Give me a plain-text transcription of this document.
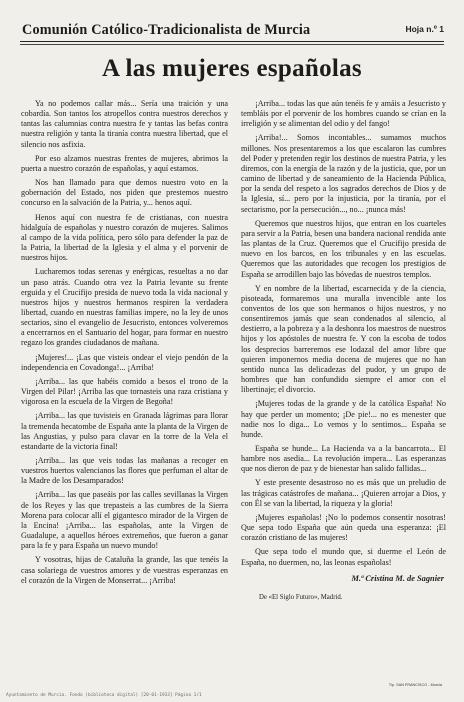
Comunión Católico-Tradicionalista de Murcia	Hoja n.º 1
A las mujeres españolas

Ya no podemos callar más... Sería una traición y una cobardía. Son tantos los atropellos contra nuestros derechos y tantas las calumnias contra nuestra fe y tantas las befas contra nuestra religión y tanta la tiranía contra nuestra libertad, que el silencio nos asfixia.

Por eso alzamos nuestras frentes de mujeres, abrimos la puerta a nuestro corazón de españolas, y aquí estamos.

Nos han llamado para que demos nuestro voto en la gobernación del Estado, nos piden que prestemos nuestro concurso en la salvación de la Patria, y... henos aquí.

Henos aquí con nuestra fe de cristianas, con nuestra hidalguía de españolas y nuestro corazón de mujeres. Salimos al campo de la vida política, pero sólo para defender la paz de la Patria, la libertad de la Iglesia y el alma y el porvenir de nuestros hijos.

Lucharemos todas serenas y enérgicas, resueltas a no dar un paso atrás. Cuando otra vez la Patria levante su frente erguida y el Crucifijo presida de nuevo toda la vida nacional y nuestros hijos y nuestros hermanos respiren la verdadera libertad, cuando en nuestras familias impere, no la ley de unos sectarios, sino el evangelio de Jesucristo, entonces volveremos a encerrarnos en el Santuario del hogar, para formar en nuestro regazo los grandes ciudadanos de mañana.

¡Mujeres!... ¡Las que visteis ondear el viejo pendón de la independencia en Covadonga!... ¡Arriba!

¡Arriba... las que habéis comido a besos el trono de la Virgen del Pilar! ¡Arriba las que tornasteis una raza cristiana y vigorosa en la escuela de la Virgen de Begoña!

¡Arriba... las que tuvisteis en Granada lágrimas para llorar la tremenda hecatombe de España ante la planta de la Virgen de las Angustias, y pulso para clavar en la torre de la Vela el estandarte de la victoria final!

¡Arriba... las que veis todas las mañanas a recoger en vuestros huertos valencianos las flores que perfuman el altar de la Madre de los Desamparados!

¡Arriba... las que paseáis por las calles sevillanas la Virgen de los Reyes y las que trepasteis a las cumbres de la Sierra Morena para colocar allí el gigantesco mirador de la Virgen de la Encina! ¡Arriba... las españolas, ante la Virgen de Guadalupe, a aquellos héroes extremeños, que fueron a ganar para la fe y para España un nuevo mundo!

Y vosotras, hijas de Cataluña la grande, las que tenéis la casa solariega de vuestros amores y de vuestras esperanzas en el corazón de la Virgen de Monserrat... ¡Arriba!

¡Arriba... todas las que aún tenéis fe y amáis a Jesucristo y tembláis por el porvenir de los hombres cuando se crían en la irreligión y se alimentan del odio y del fango!

¡Arriba!... Somos incontables... sumamos muchos millones. Nos presentaremos a los que escalaron las cumbres del Poder y pretenden regir los destinos de nuestra Patria, y les diremos, con la energía de la razón y de la justicia, que, por un camino de libertad y de saneamiento de la Hacienda Pública, por la senda del respeto a los sagrados derechos de Dios y de la Iglesia, sí... pero por la injusticia, por la tiranía, por el sectarismo, por la persecución..., no... ¡nunca más!

Queremos que nuestros hijos, que entran en los cuarteles para servir a la Patria, besen una bandera nacional rendida ante las plantas de la Cruz. Queremos que el Crucifijo presida de nuevo en los barcos, en los tribunales y en las escuelas. Queremos que las autoridades que recogen los prestigios de España se arrodillen bajo las bóvedas de nuestros templos.

Y en nombre de la libertad, escarnecida y de la ciencia, pisoteada, formaremos una muralla invencible ante los conventos de los que son hermanos o hijos nuestros, y no consentiremos jamás que sean condenados al silencio, al destierro, a la pobreza y a la deshonra los maestros de nuestros hijos y los apóstoles de nuestra fe. Y con la escoba de todos los desprecios barreremos ese lodazal del amor libre que quieren imponernos media docena de mujeres que no han sentido nunca las delicadezas del pudor, y un grupo de hombres que han confundido siempre el amor con el libertinaje; el divorcio.

¡Mujeres todas de la grande y de la católica España! No hay que perder un momento; ¡De pie!... no es menester que nadie nos lo diga... Lo vemos y lo sentimos... España se hunde.

España se hunde... La Hacienda va a la bancarrota... El hambre nos asedia... La revolución impera... Las esperanzas que nos dieron de paz y de bienestar han salido fallidas...

Y este presente desastroso no es más que un preludio de las trágicas catástrofes de mañana... ¡Quieren arrojar a Dios, y con Él se van la libertad, la riqueza y la gloria!

¡Mujeres españolas! ¡No lo podemos consentir nosotras! Que sepa todo España que aún queda una esperanza: ¡El corazón cristiano de las mujeres!

Que sepa todo el mundo que, si duerme el León de España, no duermen, no, las leonas españolas!

M.ª Cristina M. de Sagnier
De «El Siglo Futuro», Madrid.
Tip. SAN FRANCISCO - Murcia
Ayuntamiento de Murcia. Fondo (biblioteca digital) [20-01-1933] Página 1/1
